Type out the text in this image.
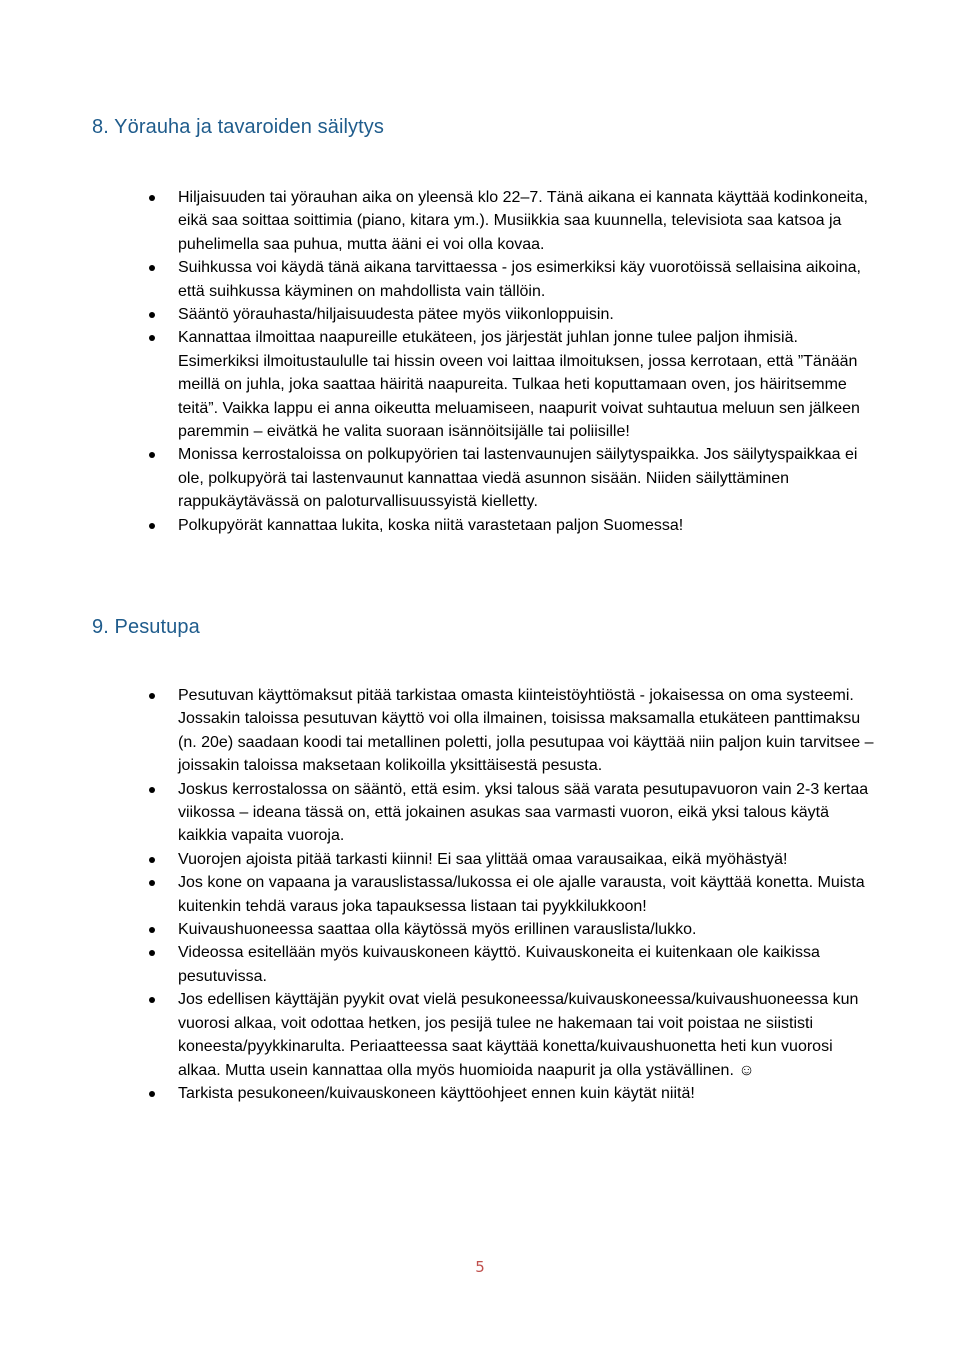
8. Yörauha ja tavaroiden säilytys
Hiljaisuuden tai yörauhan aika on yleensä klo 22–7. Tänä aikana ei kannata käyttää kodinkoneita, eikä saa soittaa soittimia (piano, kitara ym.). Musiikkia saa kuunnella, televisiota saa katsoa ja puhelimella saa puhua, mutta ääni ei voi olla kovaa.
Suihkussa voi käydä tänä aikana tarvittaessa - jos esimerkiksi käy vuorotöissä sellaisina aikoina, että suihkussa käyminen on mahdollista vain tällöin.
Sääntö yörauhasta/hiljaisuudesta pätee myös viikonloppuisin.
Kannattaa ilmoittaa naapureille etukäteen, jos järjestät juhlan jonne tulee paljon ihmisiä. Esimerkiksi ilmoitustaululle tai hissin oveen voi laittaa ilmoituksen, jossa kerrotaan, että ”Tänään meillä on juhla, joka saattaa häiritä naapureita. Tulkaa heti koputtamaan oven, jos häiritsemme teitä”. Vaikka lappu ei anna oikeutta meluamiseen, naapurit voivat suhtautua meluun sen jälkeen paremmin – eivätkä he valita suoraan isännöitsijälle tai poliisille!
Monissa kerrostaloissa on polkupyörien tai lastenvaunujen säilytyspaikka. Jos säilytyspaikkaa ei ole, polkupyörä tai lastenvaunut kannattaa viedä asunnon sisään. Niiden säilyttäminen rappukäytävässä on paloturvallisuussyistä kielletty.
Polkupyörät kannattaa lukita, koska niitä varastetaan paljon Suomessa!
9. Pesutupa
Pesutuvan käyttömaksut pitää tarkistaa omasta kiinteistöyhtiöstä - jokaisessa on oma systeemi. Jossakin taloissa pesutuvan käyttö voi olla ilmainen, toisissa maksamalla etukäteen panttimaksu (n. 20e) saadaan koodi tai metallinen poletti, jolla pesutupaa voi käyttää niin paljon kuin tarvitsee – joissakin taloissa maksetaan kolikoilla yksittäisestä pesusta.
Joskus kerrostalossa on sääntö, että esim. yksi talous sää varata pesutupavuoron vain 2-3 kertaa viikossa – ideana tässä on, että jokainen asukas saa varmasti vuoron, eikä yksi talous käytä kaikkia vapaita vuoroja.
Vuorojen ajoista pitää tarkasti kiinni! Ei saa ylittää omaa varausaikaa, eikä myöhästyä!
Jos kone on vapaana ja varauslistassa/lukossa ei ole ajalle varausta, voit käyttää konetta. Muista kuitenkin tehdä varaus joka tapauksessa listaan tai pyykkilukkoon!
Kuivaushuoneessa saattaa olla käytössä myös erillinen varauslista/lukko.
Videossa esitellään myös kuivauskoneen käyttö. Kuivauskoneita ei kuitenkaan ole kaikissa pesutuvissa.
Jos edellisen käyttäjän pyykit ovat vielä pesukoneessa/kuivauskoneessa/kuivaushuoneessa kun vuorosi alkaa, voit odottaa hetken, jos pesijä tulee ne hakemaan tai voit poistaa ne siististi koneesta/pyykkinarulta. Periaatteessa saat käyttää konetta/kuivaushuonetta heti kun vuorosi alkaa. Mutta usein kannattaa olla myös huomioida naapurit ja olla ystävällinen. ☺
Tarkista pesukoneen/kuivauskoneen käyttöohjeet ennen kuin käytät niitä!
5
